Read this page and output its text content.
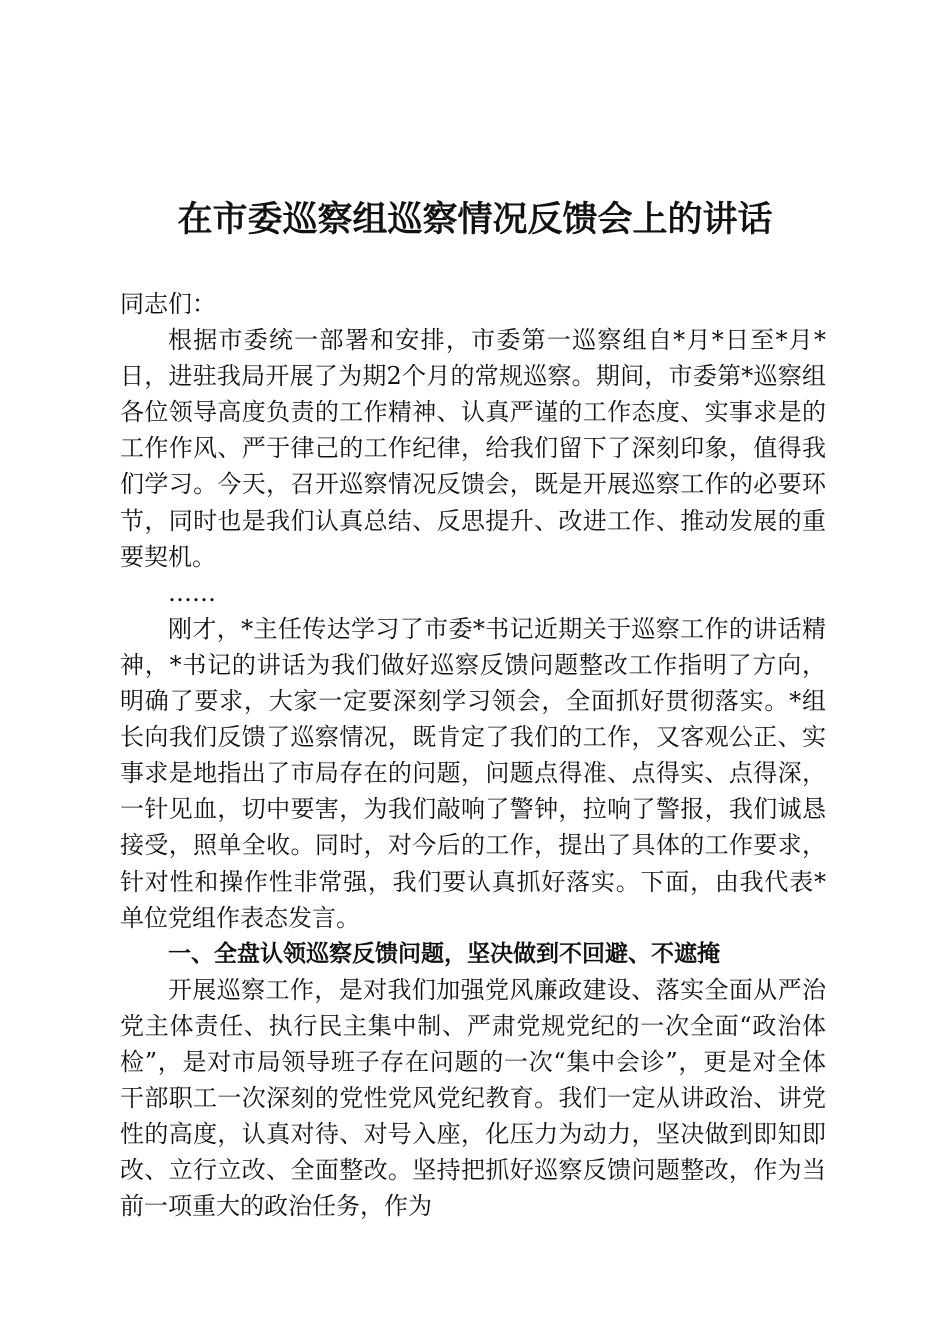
在市委巡察组巡察情况反馈会上的讲话

同志们：

根据市委统一部署和安排，市委第一巡察组自*月*日至*月*日，进驻我局开展了为期2个月的常规巡察。期间，市委第*巡察组各位领导高度负责的工作精神、认真严谨的工作态度、实事求是的工作作风、严于律己的工作纪律，给我们留下了深刻印象，值得我们学习。今天，召开巡察情况反馈会，既是开展巡察工作的必要环节，同时也是我们认真总结、反思提升、改进工作、推动发展的重要契机。

……

刚才，*主任传达学习了市委*书记近期关于巡察工作的讲话精神，*书记的讲话为我们做好巡察反馈问题整改工作指明了方向，明确了要求，大家一定要深刻学习领会，全面抓好贯彻落实。*组长向我们反馈了巡察情况，既肯定了我们的工作，又客观公正、实事求是地指出了市局存在的问题，问题点得准、点得实、点得深，一针见血，切中要害，为我们敲响了警钟，拉响了警报，我们诚恳接受，照单全收。同时，对今后的工作，提出了具体的工作要求，针对性和操作性非常强，我们要认真抓好落实。下面，由我代表*单位党组作表态发言。

一、全盘认领巡察反馈问题，坚决做到不回避、不遮掩

开展巡察工作，是对我们加强党风廉政建设、落实全面从严治党主体责任、执行民主集中制、严肃党规党纪的一次全面“政治体检”，是对市局领导班子存在问题的一次“集中会诊”，更是对全体干部职工一次深刻的党性党风党纪教育。我们一定从讲政治、讲党性的高度，认真对待、对号入座，化压力为动力，坚决做到即知即改、立行立改、全面整改。坚持把抓好巡察反馈问题整改，作为当前一项重大的政治任务，作为
